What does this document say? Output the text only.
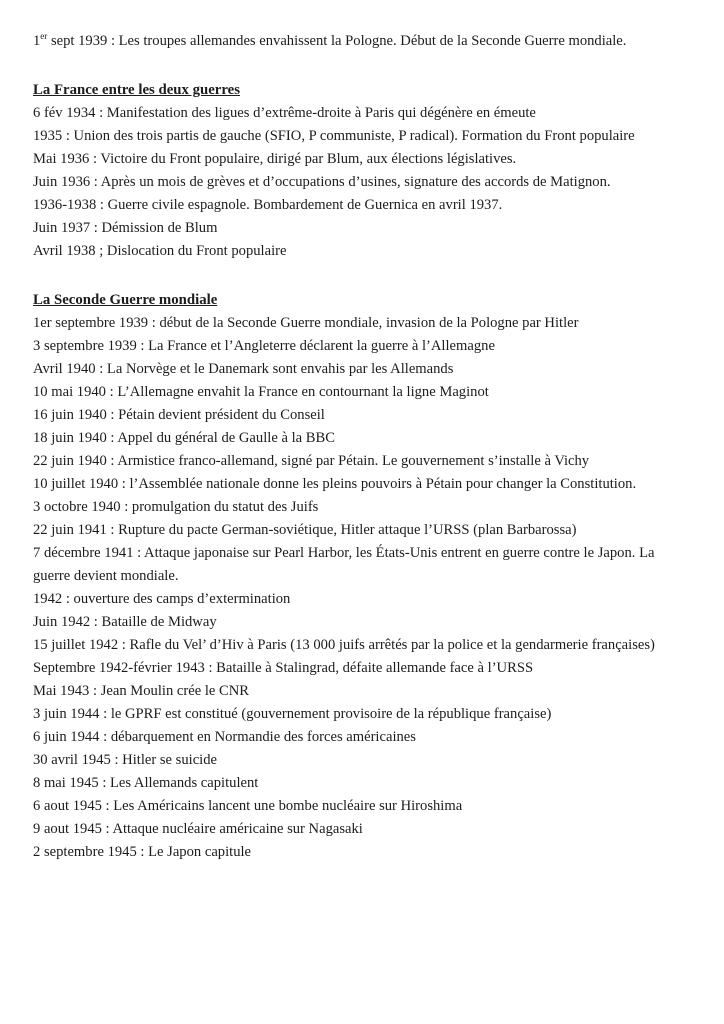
1er sept 1939 : Les troupes allemandes envahissent la Pologne. Début de la Seconde Guerre mondiale.

La France entre les deux guerres

6 fév 1934 : Manifestation des ligues d’extrême-droite à Paris qui dégénère en émeute

1935 : Union des trois partis de gauche (SFIO, P communiste, P radical). Formation du Front populaire

Mai 1936 : Victoire du Front populaire, dirigé par Blum, aux élections législatives.

Juin 1936 : Après un mois de grèves et d’occupations d’usines, signature des accords de Matignon.

1936-1938 : Guerre civile espagnole. Bombardement de Guernica en avril 1937.

Juin 1937 : Démission de Blum

Avril 1938 ; Dislocation du Front populaire

La Seconde Guerre mondiale

1er septembre 1939 : début de la Seconde Guerre mondiale, invasion de la Pologne par Hitler

3 septembre 1939 : La France et l’Angleterre déclarent la guerre à l’Allemagne

Avril 1940 : La Norvège et le Danemark sont envahis par les Allemands

10 mai 1940 : L’Allemagne envahit la France en contournant la ligne Maginot

16 juin 1940 : Pétain devient président du Conseil

18 juin 1940 : Appel du général de Gaulle à la BBC

22 juin 1940 : Armistice franco-allemand, signé par Pétain. Le gouvernement s’installe à Vichy

10 juillet 1940 : l’Assemblée nationale donne les pleins pouvoirs à Pétain pour changer la Constitution.

3 octobre 1940 : promulgation du statut des Juifs

22 juin 1941 : Rupture du pacte German-soviétique, Hitler attaque l’URSS (plan Barbarossa)

7 décembre 1941 : Attaque japonaise sur Pearl Harbor, les États-Unis entrent en guerre contre le Japon. La guerre devient mondiale.

1942 : ouverture des camps d’extermination

Juin 1942 : Bataille de Midway

15 juillet 1942 : Rafle du Vel’ d’Hiv à Paris (13 000 juifs arrêtés par la police et la gendarmerie françaises)

Septembre 1942-février 1943 : Bataille à Stalingrad, défaite allemande face à l’URSS

Mai 1943 : Jean Moulin crée le CNR

3 juin 1944 : le GPRF est constitué (gouvernement provisoire de la république française)

6 juin 1944 : débarquement en Normandie des forces américaines

30 avril 1945 : Hitler se suicide

8 mai 1945 : Les Allemands capitulent

6 aout 1945 : Les Américains lancent une bombe nucléaire sur Hiroshima

9 aout 1945 : Attaque nucléaire américaine sur Nagasaki

2 septembre 1945 : Le Japon capitule
